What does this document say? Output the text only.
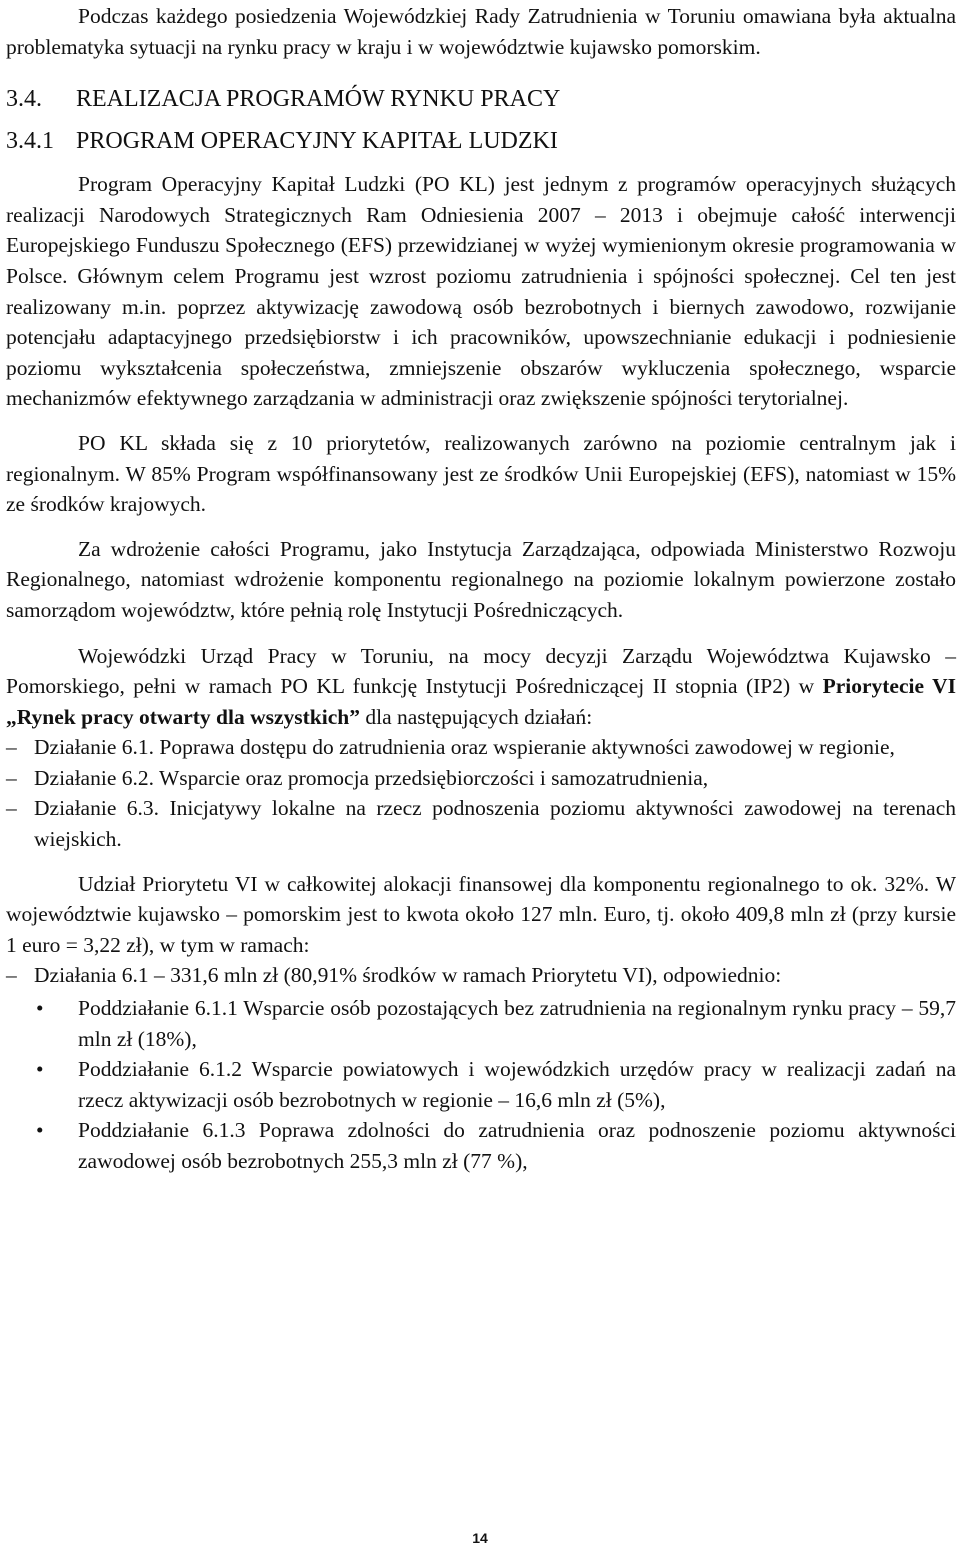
Podczas każdego posiedzenia Wojewódzkiej Rady Zatrudnienia w Toruniu omawiana była aktualna problematyka sytuacji na rynku pracy w kraju i w województwie kujawsko pomorskim.

3.4. REALIZACJA PROGRAMÓW RYNKU PRACY
3.4.1 PROGRAM OPERACYJNY KAPITAŁ LUDZKI

Program Operacyjny Kapitał Ludzki (PO KL) jest jednym z programów operacyjnych służących realizacji Narodowych Strategicznych Ram Odniesienia 2007 – 2013 i obejmuje całość interwencji Europejskiego Funduszu Społecznego (EFS) przewidzianej w wyżej wymienionym okresie programowania w Polsce. Głównym celem Programu jest wzrost poziomu zatrudnienia i spójności społecznej. Cel ten jest realizowany m.in. poprzez aktywizację zawodową osób bezrobotnych i biernych zawodowo, rozwijanie potencjału adaptacyjnego przedsiębiorstw i ich pracowników, upowszechnianie edukacji i podniesienie poziomu wykształcenia społeczeństwa, zmniejszenie obszarów wykluczenia społecznego, wsparcie mechanizmów efektywnego zarządzania w administracji oraz zwiększenie spójności terytorialnej.

PO KL składa się z 10 priorytetów, realizowanych zarówno na poziomie centralnym jak i regionalnym. W 85% Program współfinansowany jest ze środków Unii Europejskiej (EFS), natomiast w 15% ze środków krajowych.

Za wdrożenie całości Programu, jako Instytucja Zarządzająca, odpowiada Ministerstwo Rozwoju Regionalnego, natomiast wdrożenie komponentu regionalnego na poziomie lokalnym powierzone zostało samorządom województw, które pełnią rolę Instytucji Pośredniczących.

Wojewódzki Urząd Pracy w Toruniu, na mocy decyzji Zarządu Województwa Kujawsko – Pomorskiego, pełni w ramach PO KL funkcję Instytucji Pośredniczącej II stopnia (IP2) w Priorytecie VI „Rynek pracy otwarty dla wszystkich” dla następujących działań:

– Działanie 6.1. Poprawa dostępu do zatrudnienia oraz wspieranie aktywności zawodowej w regionie,
– Działanie 6.2. Wsparcie oraz promocja przedsiębiorczości i samozatrudnienia,
– Działanie 6.3. Inicjatywy lokalne na rzecz podnoszenia poziomu aktywności zawodowej na terenach wiejskich.

Udział Priorytetu VI w całkowitej alokacji finansowej dla komponentu regionalnego to ok. 32%. W województwie kujawsko – pomorskim jest to kwota około 127 mln. Euro, tj. około 409,8 mln zł (przy kursie 1 euro = 3,22 zł), w tym w ramach:

– Działania 6.1 – 331,6 mln zł (80,91% środków w ramach Priorytetu VI), odpowiednio:
• Poddziałanie 6.1.1 Wsparcie osób pozostających bez zatrudnienia na regionalnym rynku pracy – 59,7 mln zł (18%),
• Poddziałanie 6.1.2 Wsparcie powiatowych i wojewódzkich urzędów pracy w realizacji zadań na rzecz aktywizacji osób bezrobotnych w regionie – 16,6 mln zł (5%),
• Poddziałanie 6.1.3 Poprawa zdolności do zatrudnienia oraz podnoszenie poziomu aktywności zawodowej osób bezrobotnych 255,3 mln zł (77 %),
14
